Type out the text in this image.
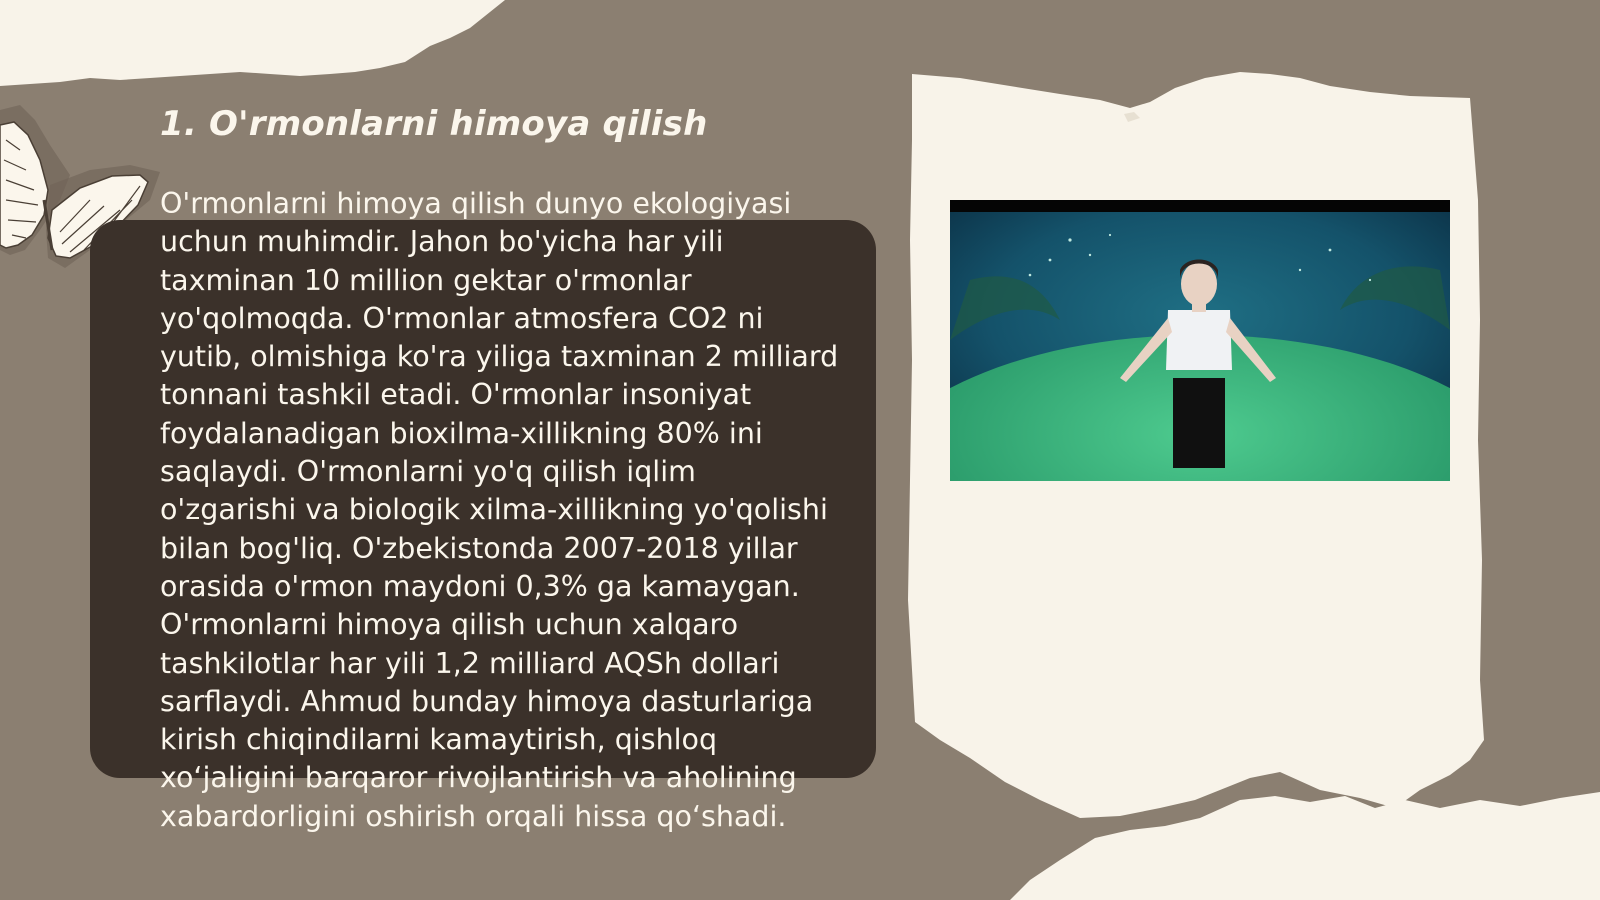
1. O'rmonlarni himoya qilish

O'rmonlarni himoya qilish dunyo ekologiyasi uchun muhimdir. Jahon bo'yicha har yili taxminan 10 million gektar o'rmonlar yo'qolmoqda. O'rmonlar atmosfera CO2 ni yutib, olmishiga ko'ra yiliga taxminan 2 milliard tonnani tashkil etadi. O'rmonlar insoniyat foydalanadigan bioxilma-xillikning 80% ini saqlaydi. O'rmonlarni yo'q qilish iqlim o'zgarishi va biologik xilma-xillikning yo'qolishi bilan bog'liq. O'zbekistonda 2007-2018 yillar orasida o'rmon maydoni 0,3% ga kamaygan. O'rmonlarni himoya qilish uchun xalqaro tashkilotlar har yili 1,2 milliard AQSh dollari sarflaydi. Ahmud bunday himoya dasturlariga kirish chiqindilarni kamaytirish, qishloq xo‘jaligini barqaror rivojlantirish va aholining xabardorligini oshirish orqali hissa qo‘shadi.
